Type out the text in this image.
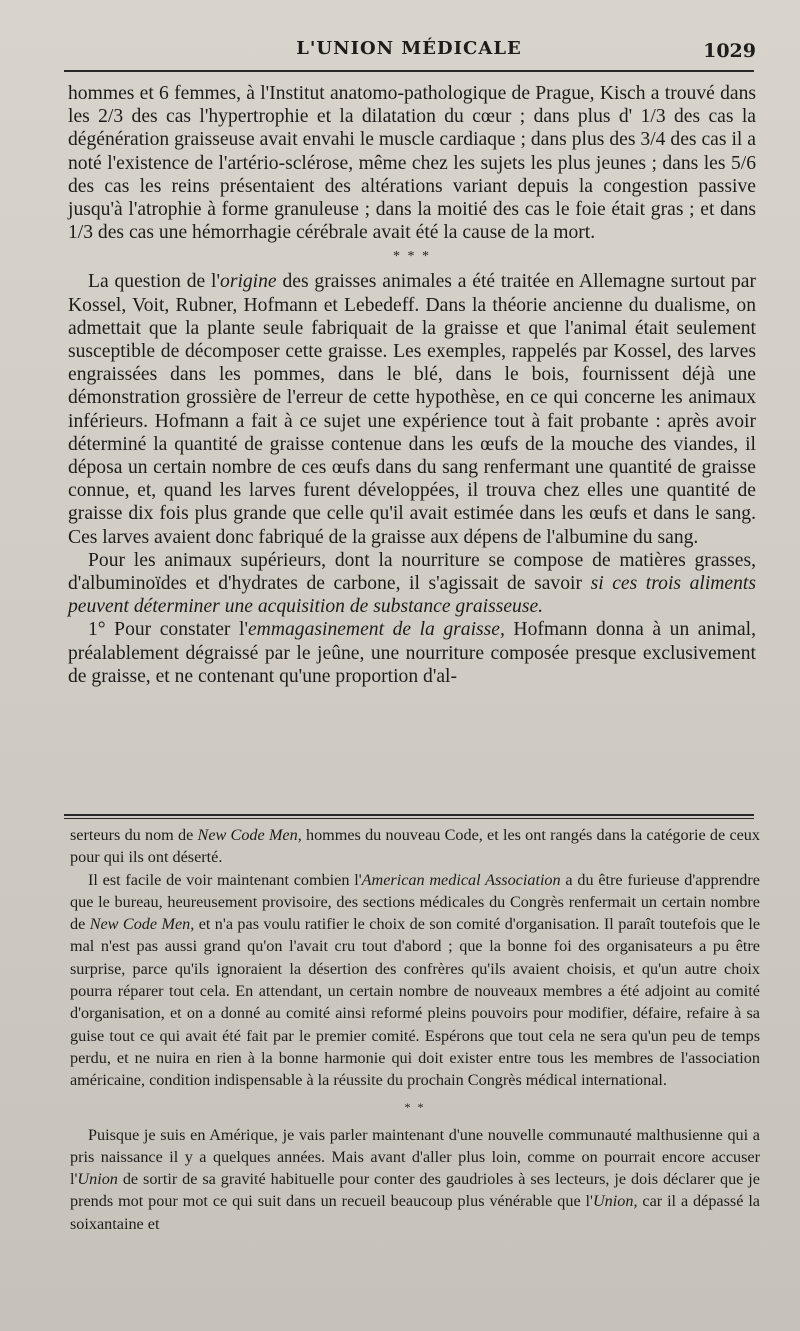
L'UNION MÉDICALE	1029

hommes et 6 femmes, à l'Institut anatomo-pathologique de Prague, Kisch a trouvé dans les 2/3 des cas l'hypertrophie et la dilatation du cœur ; dans plus d' 1/3 des cas la dégénération graisseuse avait envahi le muscle cardiaque ; dans plus des 3/4 des cas il a noté l'existence de l'artério-sclérose, même chez les sujets les plus jeunes ; dans les 5/6 des cas les reins présentaient des altérations variant depuis la congestion passive jusqu'à l'atrophie à forme granuleuse ; dans la moitié des cas le foie était gras ; et dans 1/3 des cas une hémorrhagie cérébrale avait été la cause de la mort.

* * *

La question de l'origine des graisses animales a été traitée en Allemagne surtout par Kossel, Voit, Rubner, Hofmann et Lebedeff. Dans la théorie ancienne du dualisme, on admettait que la plante seule fabriquait de la graisse et que l'animal était seulement susceptible de décomposer cette graisse. Les exemples, rappelés par Kossel, des larves engraissées dans les pommes, dans le blé, dans le bois, fournissent déjà une démonstration grossière de l'erreur de cette hypothèse, en ce qui concerne les animaux inférieurs. Hofmann a fait à ce sujet une expérience tout à fait probante : après avoir déterminé la quantité de graisse contenue dans les œufs de la mouche des viandes, il déposa un certain nombre de ces œufs dans du sang renfermant une quantité de graisse connue, et, quand les larves furent développées, il trouva chez elles une quantité de graisse dix fois plus grande que celle qu'il avait estimée dans les œufs et dans le sang. Ces larves avaient donc fabriqué de la graisse aux dépens de l'albumine du sang.

Pour les animaux supérieurs, dont la nourriture se compose de matières grasses, d'albuminoïdes et d'hydrates de carbone, il s'agissait de savoir si ces trois aliments peuvent déterminer une acquisition de substance graisseuse.

1° Pour constater l'emmagasinement de la graisse, Hofmann donna à un animal, préalablement dégraissé par le jeûne, une nourriture composée presque exclusivement de graisse, et ne contenant qu'une proportion d'al-

serteurs du nom de New Code Men, hommes du nouveau Code, et les ont rangés dans la catégorie de ceux pour qui ils ont déserté.

Il est facile de voir maintenant combien l'American medical Association a du être furieuse d'apprendre que le bureau, heureusement provisoire, des sections médicales du Congrès renfermait un certain nombre de New Code Men, et n'a pas voulu ratifier le choix de son comité d'organisation. Il paraît toutefois que le mal n'est pas aussi grand qu'on l'avait cru tout d'abord ; que la bonne foi des organisateurs a pu être surprise, parce qu'ils ignoraient la désertion des confrères qu'ils avaient choisis, et qu'un autre choix pourra réparer tout cela. En attendant, un certain nombre de nouveaux membres a été adjoint au comité d'organisation, et on a donné au comité ainsi reformé pleins pouvoirs pour modifier, défaire, refaire à sa guise tout ce qui avait été fait par le premier comité. Espérons que tout cela ne sera qu'un peu de temps perdu, et ne nuira en rien à la bonne harmonie qui doit exister entre tous les membres de l'association américaine, condition indispensable à la réussite du prochain Congrès médical international.

* *

Puisque je suis en Amérique, je vais parler maintenant d'une nouvelle communauté malthusienne qui a pris naissance il y a quelques années. Mais avant d'aller plus loin, comme on pourrait encore accuser l'Union de sortir de sa gravité habituelle pour conter des gaudrioles à ses lecteurs, je dois déclarer que je prends mot pour mot ce qui suit dans un recueil beaucoup plus vénérable que l'Union, car il a dépassé la soixantaine et
